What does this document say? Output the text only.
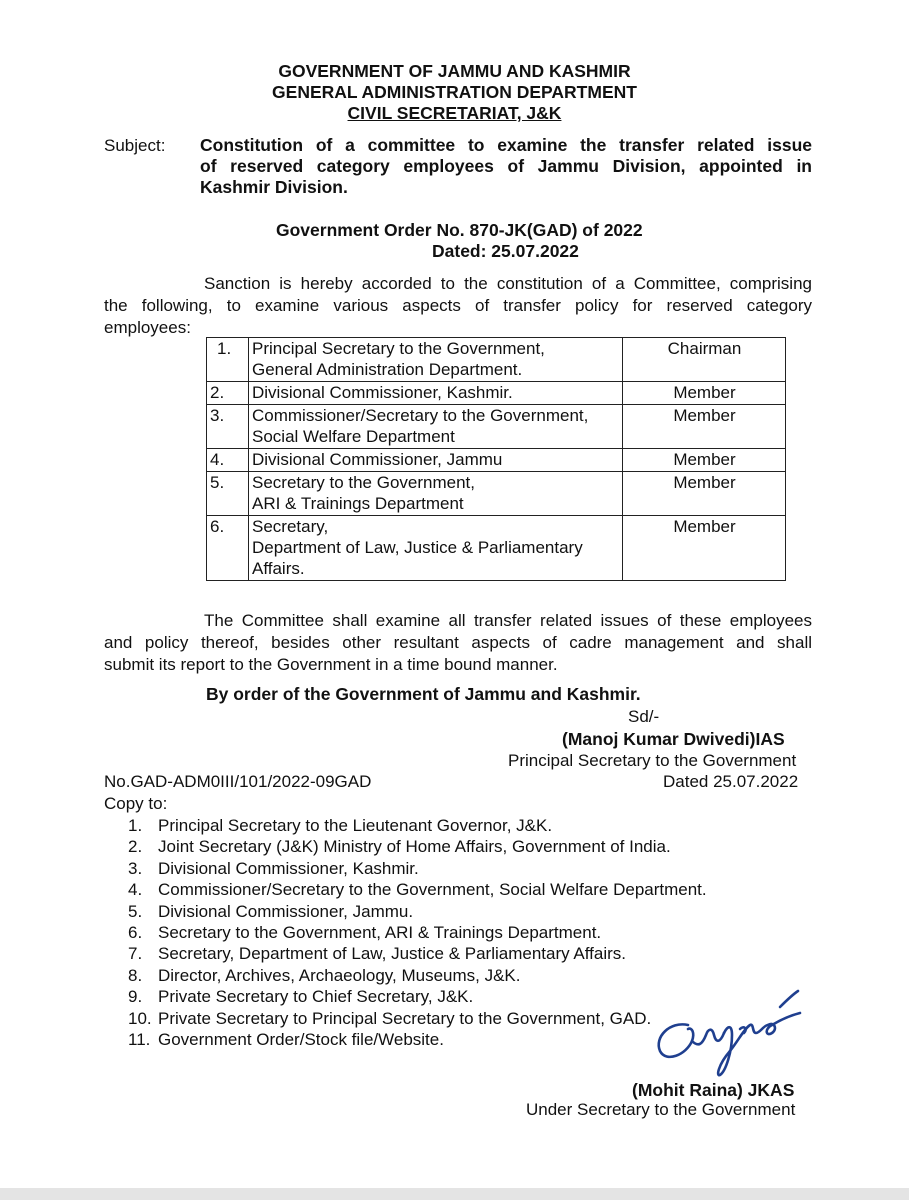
GOVERNMENT OF JAMMU AND KASHMIR
GENERAL ADMINISTRATION DEPARTMENT
CIVIL SECRETARIAT, J&K
Subject: Constitution of a committee to examine the transfer related issue
of reserved category employees of Jammu Division, appointed in
Kashmir Division.
Government Order No. 870-JK(GAD) of 2022
Dated: 25.07.2022
Sanction is hereby accorded to the constitution of a Committee, comprising
the following, to examine various aspects of transfer policy for reserved category
employees:
1.	Principal Secretary to the Government,
General Administration Department.	Chairman
2.	Divisional Commissioner, Kashmir.	Member
3.	Commissioner/Secretary to the Government,
Social Welfare Department	Member
4.	Divisional Commissioner, Jammu	Member
5.	Secretary to the Government,
ARI & Trainings Department	Member
6.	Secretary,
Department of Law, Justice & Parliamentary
Affairs.	Member
The Committee shall examine all transfer related issues of these employees
and policy thereof, besides other resultant aspects of cadre management and shall
submit its report to the Government in a time bound manner.
By order of the Government of Jammu and Kashmir.
Sd/-
(Manoj Kumar Dwivedi)IAS
Principal Secretary to the Government
No.GAD-ADM0III/101/2022-09GAD	Dated 25.07.2022
Copy to:
1. Principal Secretary to the Lieutenant Governor, J&K.
2. Joint Secretary (J&K) Ministry of Home Affairs, Government of India.
3. Divisional Commissioner, Kashmir.
4. Commissioner/Secretary to the Government, Social Welfare Department.
5. Divisional Commissioner, Jammu.
6. Secretary to the Government, ARI & Trainings Department.
7. Secretary, Department of Law, Justice & Parliamentary Affairs.
8. Director, Archives, Archaeology, Museums, J&K.
9. Private Secretary to Chief Secretary, J&K.
10. Private Secretary to Principal Secretary to the Government, GAD.
11. Government Order/Stock file/Website.
(Mohit Raina) JKAS
Under Secretary to the Government
